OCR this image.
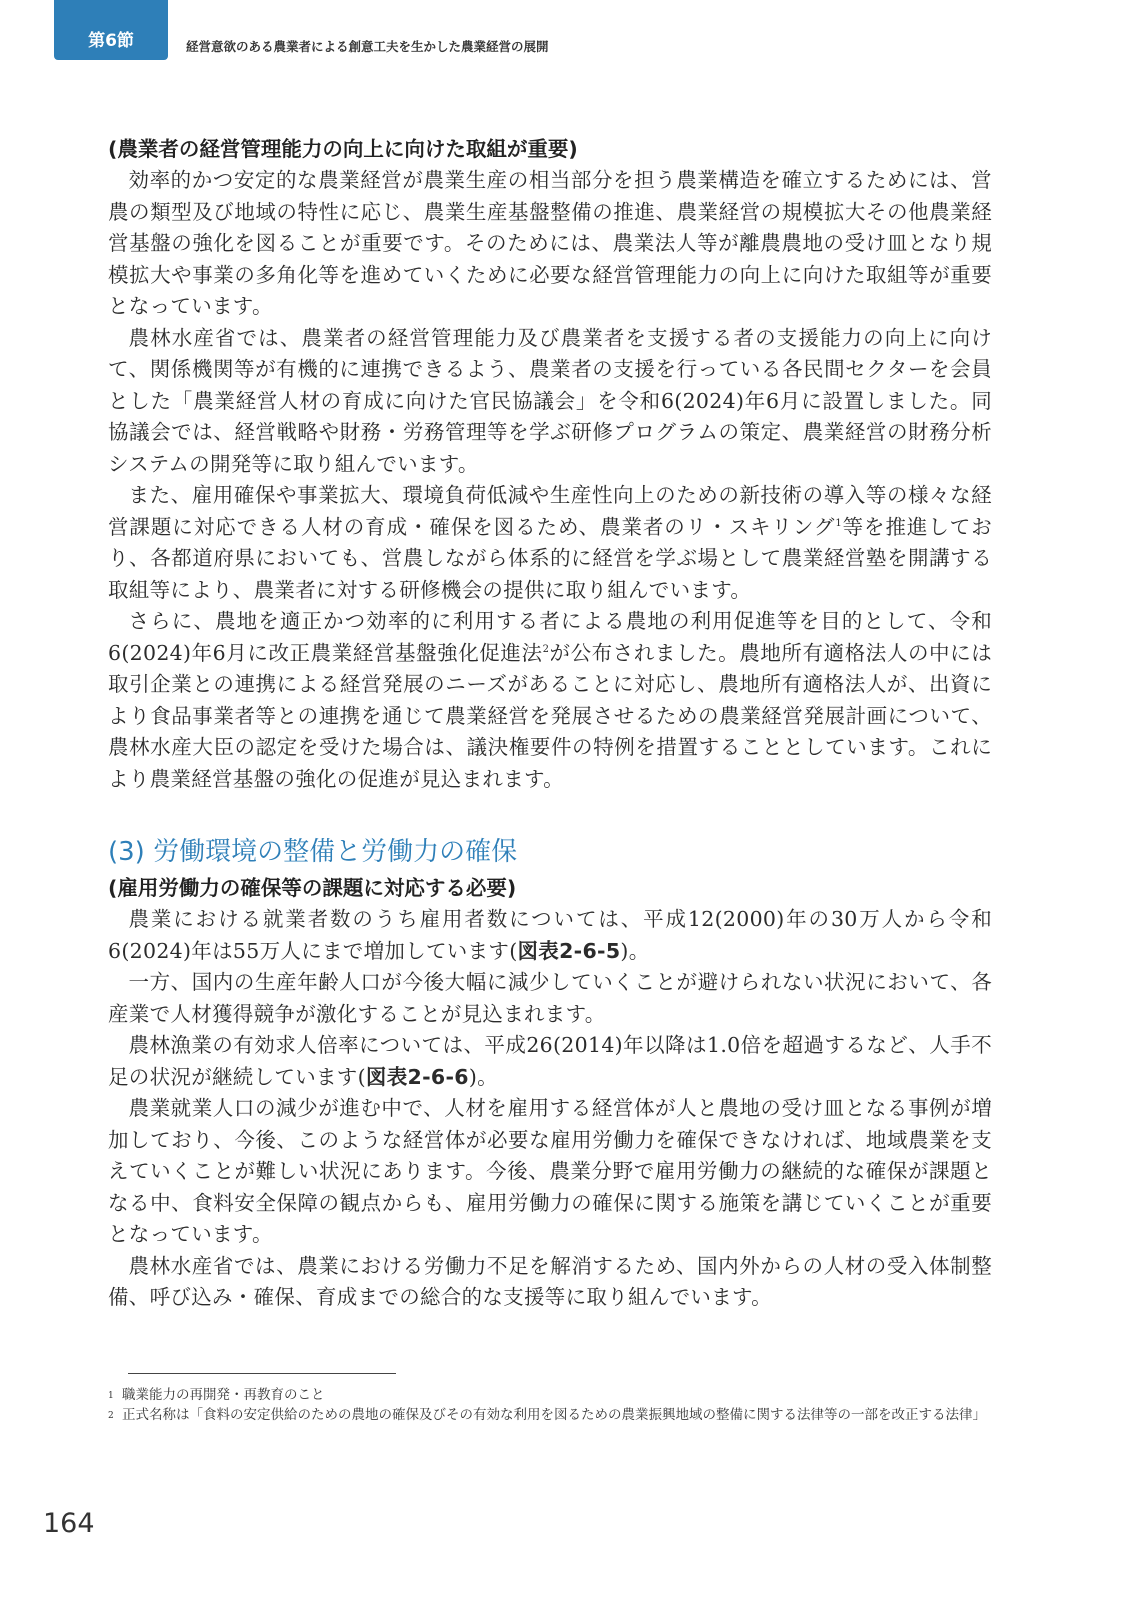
第6節	経営意欲のある農業者による創意工夫を生かした農業経営の展開

(農業者の経営管理能力の向上に向けた取組が重要)

効率的かつ安定的な農業経営が農業生産の相当部分を担う農業構造を確立するためには、営農の類型及び地域の特性に応じ、農業生産基盤整備の推進、農業経営の規模拡大その他農業経営基盤の強化を図ることが重要です。そのためには、農業法人等が離農農地の受け皿となり規模拡大や事業の多角化等を進めていくために必要な経営管理能力の向上に向けた取組等が重要となっています。

農林水産省では、農業者の経営管理能力及び農業者を支援する者の支援能力の向上に向けて、関係機関等が有機的に連携できるよう、農業者の支援を行っている各民間セクターを会員とした「農業経営人材の育成に向けた官民協議会」を令和6(2024)年6月に設置しました。同協議会では、経営戦略や財務・労務管理等を学ぶ研修プログラムの策定、農業経営の財務分析システムの開発等に取り組んでいます。

また、雇用確保や事業拡大、環境負荷低減や生産性向上のための新技術の導入等の様々な経営課題に対応できる人材の育成・確保を図るため、農業者のリ・スキリング$^1$等を推進しており、各都道府県においても、営農しながら体系的に経営を学ぶ場として農業経営塾を開講する取組等により、農業者に対する研修機会の提供に取り組んでいます。

さらに、農地を適正かつ効率的に利用する者による農地の利用促進等を目的として、令和6(2024)年6月に改正農業経営基盤強化促進法$^2$が公布されました。農地所有適格法人の中には取引企業との連携による経営発展のニーズがあることに対応し、農地所有適格法人が、出資により食品事業者等との連携を通じて農業経営を発展させるための農業経営発展計画について、農林水産大臣の認定を受けた場合は、議決権要件の特例を措置することとしています。これにより農業経営基盤の強化の促進が見込まれます。

(3) 労働環境の整備と労働力の確保

(雇用労働力の確保等の課題に対応する必要)

農業における就業者数のうち雇用者数については、平成12(2000)年の30万人から令和6(2024)年は55万人にまで増加しています(図表2-6-5)。

一方、国内の生産年齢人口が今後大幅に減少していくことが避けられない状況において、各産業で人材獲得競争が激化することが見込まれます。

農林漁業の有効求人倍率については、平成26(2014)年以降は1.0倍を超過するなど、人手不足の状況が継続しています(図表2-6-6)。

農業就業人口の減少が進む中で、人材を雇用する経営体が人と農地の受け皿となる事例が増加しており、今後、このような経営体が必要な雇用労働力を確保できなければ、地域農業を支えていくことが難しい状況にあります。今後、農業分野で雇用労働力の継続的な確保が課題となる中、食料安全保障の観点からも、雇用労働力の確保に関する施策を講じていくことが重要となっています。

農林水産省では、農業における労働力不足を解消するため、国内外からの人材の受入体制整備、呼び込み・確保、育成までの総合的な支援等に取り組んでいます。

1 職業能力の再開発・再教育のこと
2 正式名称は「食料の安定供給のための農地の確保及びその有効な利用を図るための農業振興地域の整備に関する法律等の一部を改正する法律」
164
